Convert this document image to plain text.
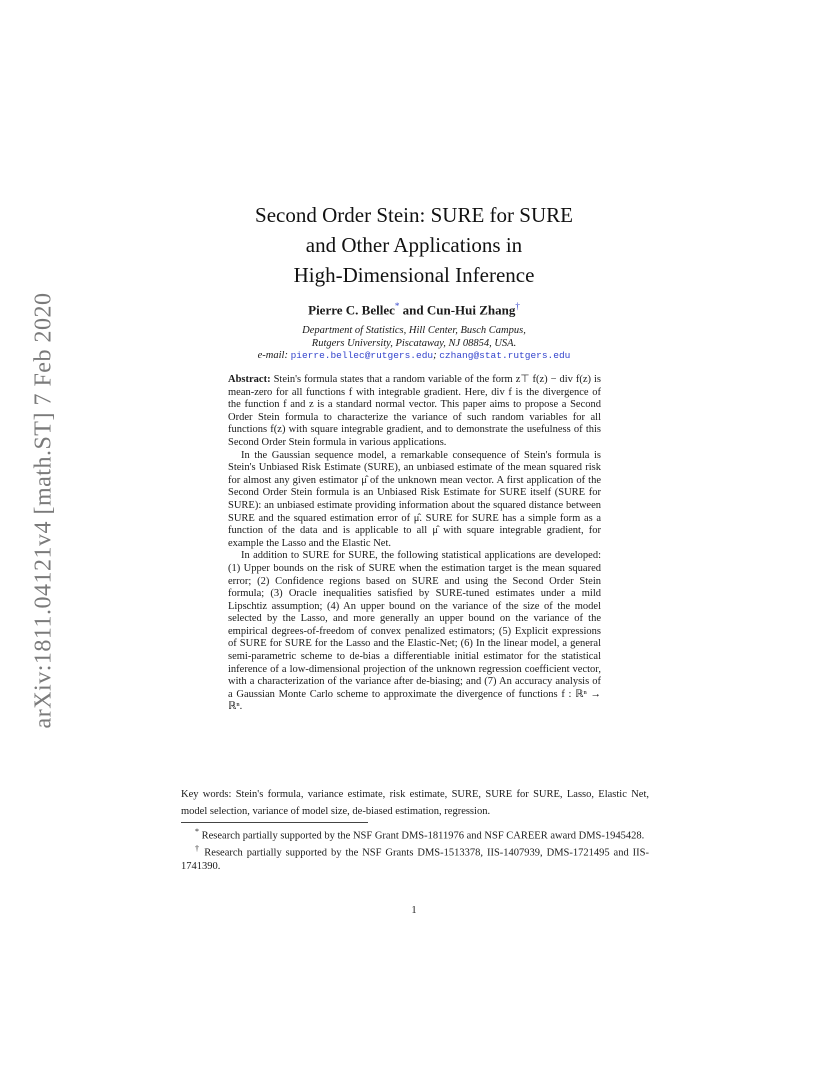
arXiv:1811.04121v4 [math.ST] 7 Feb 2020
Second Order Stein: SURE for SURE
and Other Applications in
High-Dimensional Inference
Pierre C. Bellec* and Cun-Hui Zhang†
Department of Statistics, Hill Center, Busch Campus,
Rutgers University, Piscataway, NJ 08854, USA.
e-mail: pierre.bellec@rutgers.edu; czhang@stat.rutgers.edu

Abstract: Stein's formula states that a random variable of the form z⊤ f(z) − div f(z) is mean-zero for all functions f with integrable gradient. Here, div f is the divergence of the function f and z is a standard normal vector. This paper aims to propose a Second Order Stein formula to characterize the variance of such random variables for all functions f(z) with square integrable gradient, and to demonstrate the usefulness of this Second Order Stein formula in various applications.

In the Gaussian sequence model, a remarkable consequence of Stein's formula is Stein's Unbiased Risk Estimate (SURE), an unbiased estimate of the mean squared risk for almost any given estimator μ̂ of the unknown mean vector. A first application of the Second Order Stein formula is an Unbiased Risk Estimate for SURE itself (SURE for SURE): an unbiased estimate providing information about the squared distance between SURE and the squared estimation error of μ̂. SURE for SURE has a simple form as a function of the data and is applicable to all μ̂ with square integrable gradient, for example the Lasso and the Elastic Net.

In addition to SURE for SURE, the following statistical applications are developed: (1) Upper bounds on the risk of SURE when the estimation target is the mean squared error; (2) Confidence regions based on SURE and using the Second Order Stein formula; (3) Oracle inequalities satisfied by SURE-tuned estimates under a mild Lipschtiz assumption; (4) An upper bound on the variance of the size of the model selected by the Lasso, and more generally an upper bound on the variance of the empirical degrees-of-freedom of convex penalized estimators; (5) Explicit expressions of SURE for SURE for the Lasso and the Elastic-Net; (6) In the linear model, a general semi-parametric scheme to de-bias a differentiable initial estimator for the statistical inference of a low-dimensional projection of the unknown regression coefficient vector, with a characterization of the variance after de-biasing; and (7) An accuracy analysis of a Gaussian Monte Carlo scheme to approximate the divergence of functions f : ℝⁿ → ℝⁿ.

Key words: Stein's formula, variance estimate, risk estimate, SURE, SURE for SURE, Lasso, Elastic Net, model selection, variance of model size, de-biased estimation, regression.

* Research partially supported by the NSF Grant DMS-1811976 and NSF CAREER award DMS-1945428.

† Research partially supported by the NSF Grants DMS-1513378, IIS-1407939, DMS-1721495 and IIS-1741390.

1
